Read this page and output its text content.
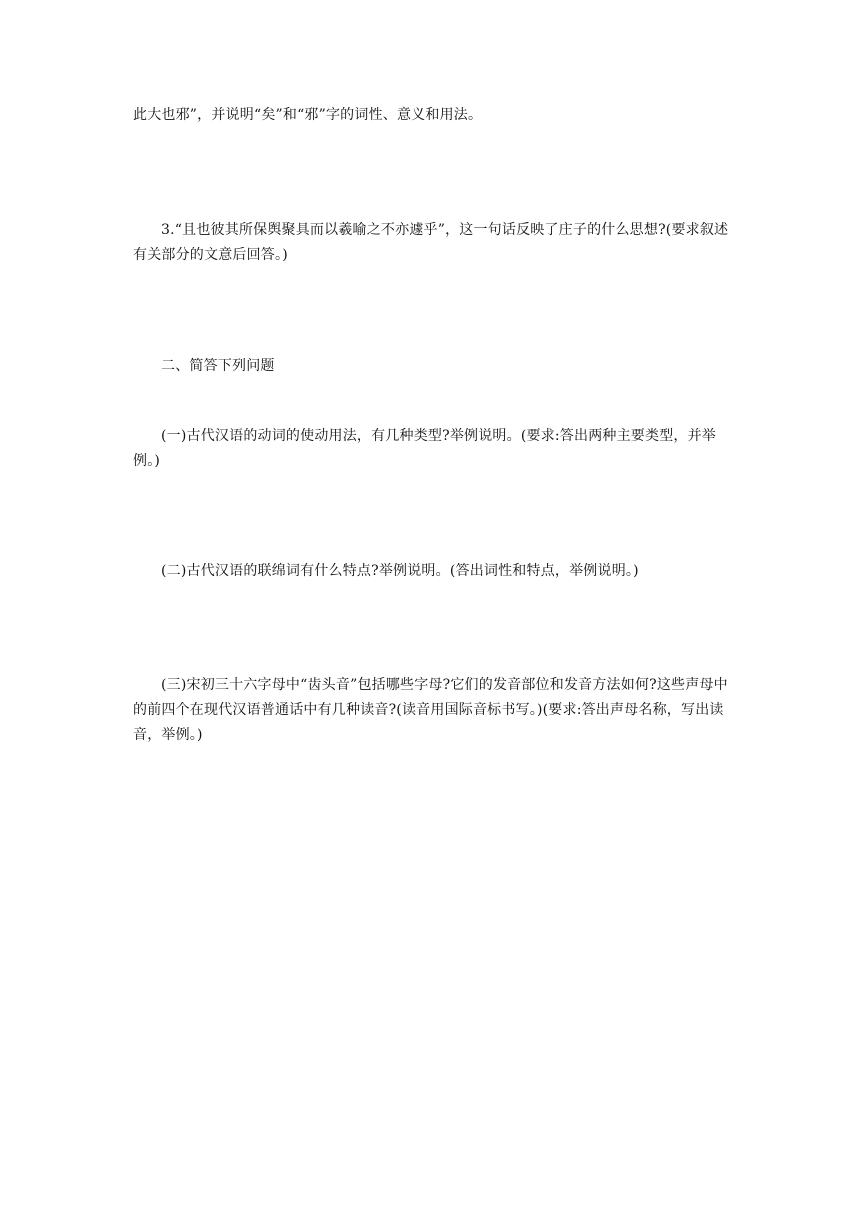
此大也邪”，并说明“矣”和“邪”字的词性、意义和用法。

3.“且也彼其所保舆聚具而以羲喻之不亦遽乎”，这一句话反映了庄子的什么思想?(要求叙述有关部分的文意后回答。)

二、简答下列问题

(一)古代汉语的动词的使动用法，有几种类型?举例说明。(要求:答出两种主要类型，并举例。)

(二)古代汉语的联绵词有什么特点?举例说明。(答出词性和特点，举例说明。)

(三)宋初三十六字母中“齿头音”包括哪些字母?它们的发音部位和发音方法如何?这些声母中的前四个在现代汉语普通话中有几种读音?(读音用国际音标书写。)(要求:答出声母名称，写出读音，举例。)
